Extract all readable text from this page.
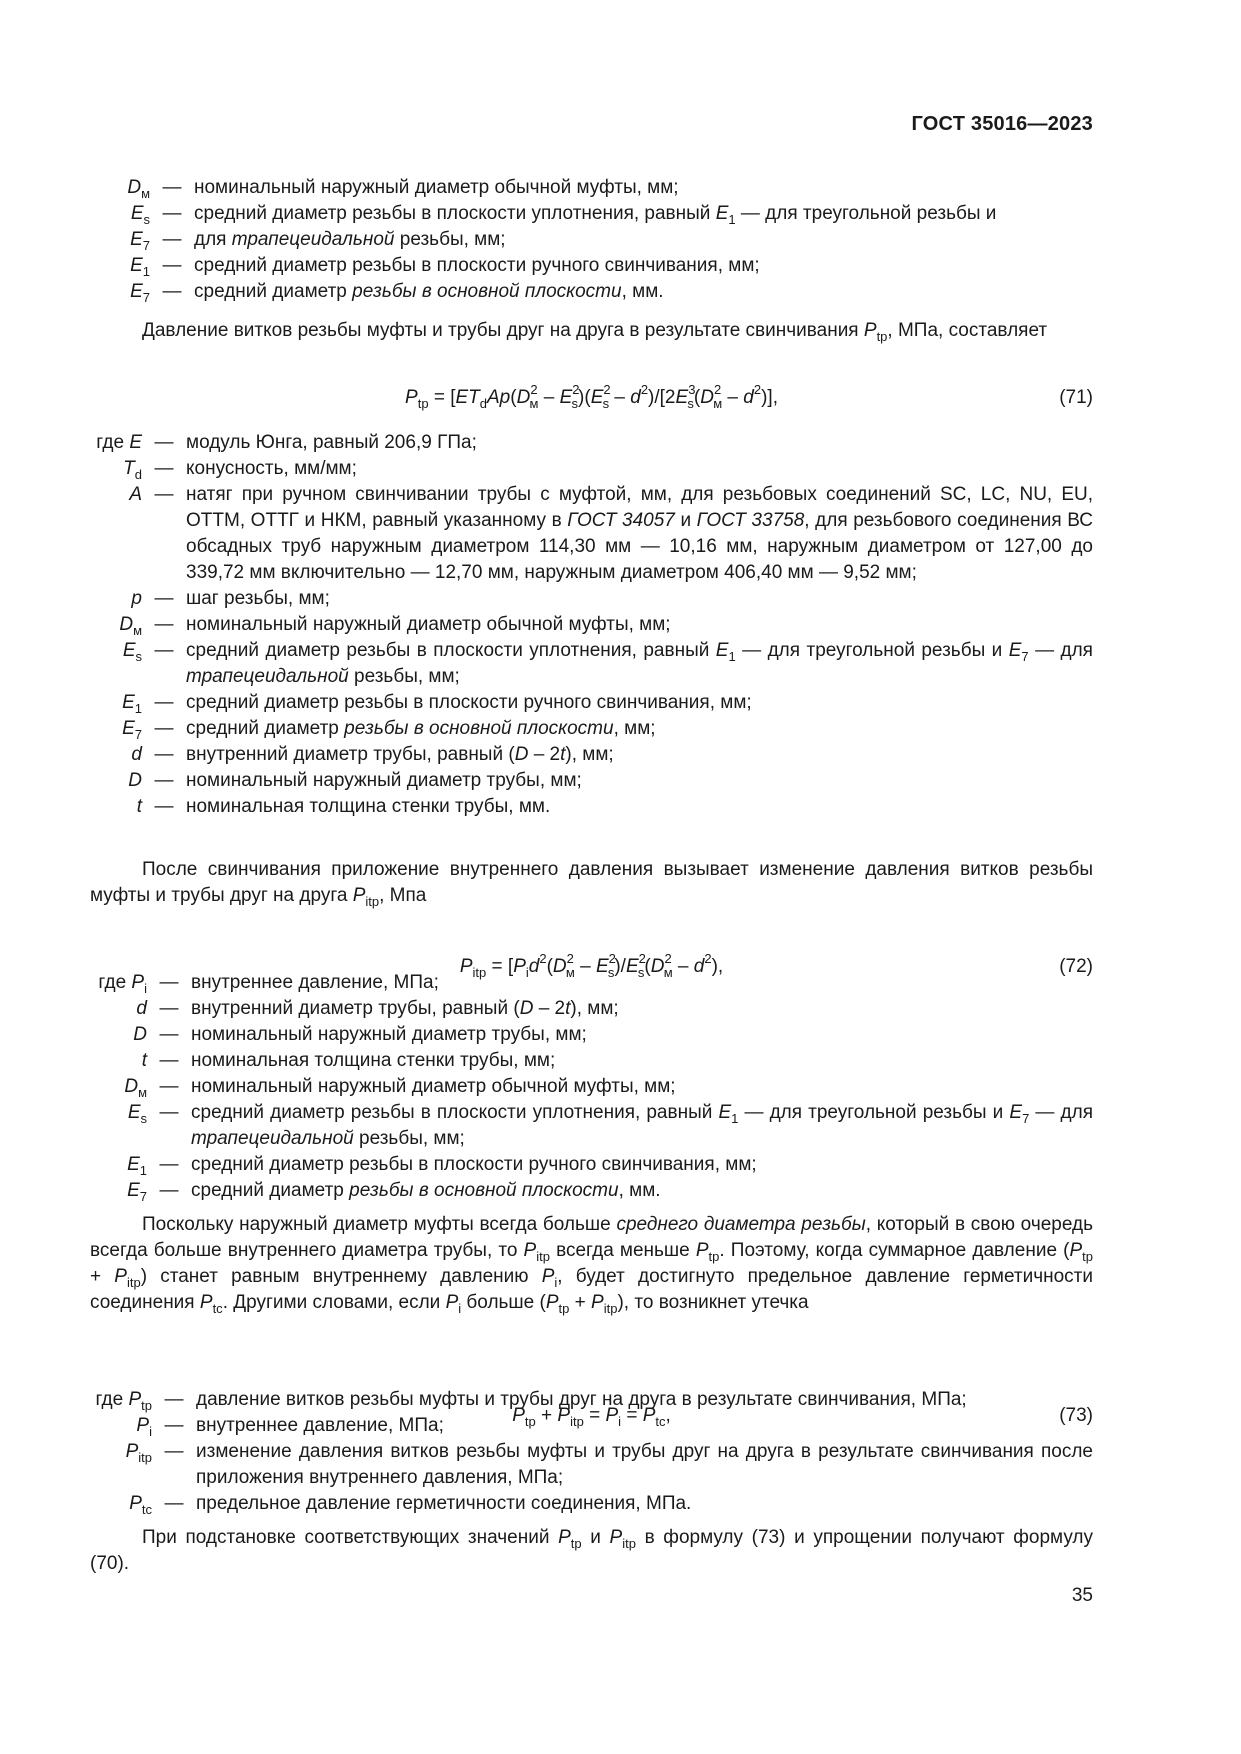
ГОСТ 35016—2023
$D_м$ — номинальный наружный диаметр обычной муфты, мм;
$E_s$ — средний диаметр резьбы в плоскости уплотнения, равный $E_1$ — для треугольной резьбы и
$E_7$ — для трапецеидальной резьбы, мм;
$E_1$ — средний диаметр резьбы в плоскости ручного свинчивания, мм;
$E_7$ — средний диаметр резьбы в основной плоскости, мм.

Давление витков резьбы муфты и трубы друг на друга в результате свинчивания $P_{tp}$, МПа, составляет

$P_{tp} = [ET_dAp(D^2_м - E^2_s)(E^2_s - d^2)/[2E^3_s(D^2_м - d^2)]$,	(71)
где E — модуль Юнга, равный 206,9 ГПа;
$T_d$ — конусность, мм/мм;
A — натяг при ручном свинчивании трубы с муфтой, мм, для резьбовых соединений SC, LC, NU, EU, ОТТМ, ОТТГ и НКМ, равный указанному в ГОСТ 34057 и ГОСТ 33758, для резьбового соединения ВС обсадных труб наружным диаметром 114,30 мм — 10,16 мм, наружным диаметром от 127,00 до 339,72 мм включительно — 12,70 мм, наружным диаметром 406,40 мм — 9,52 мм;
p — шаг резьбы, мм;
$D_м$ — номинальный наружный диаметр обычной муфты, мм;
$E_s$ — средний диаметр резьбы в плоскости уплотнения, равный $E_1$ — для треугольной резьбы и $E_7$ — для трапецеидальной резьбы, мм;
$E_1$ — средний диаметр резьбы в плоскости ручного свинчивания, мм;
$E_7$ — средний диаметр резьбы в основной плоскости, мм;
d — внутренний диаметр трубы, равный (D – 2t), мм;
D — номинальный наружный диаметр трубы, мм;
t — номинальная толщина стенки трубы, мм.

После свинчивания приложение внутреннего давления вызывает изменение давления витков резьбы муфты и трубы друг на друга $P_{itp}$, Мпа

$P_{itp} = [P_id^2(D^2_м - E^2_s)/E^2_s(D^2_м - d^2)$,	(72)
где $P_i$ — внутреннее давление, МПа;
d — внутренний диаметр трубы, равный (D – 2t), мм;
D — номинальный наружный диаметр трубы, мм;
t — номинальная толщина стенки трубы, мм;
$D_м$ — номинальный наружный диаметр обычной муфты, мм;
$E_s$ — средний диаметр резьбы в плоскости уплотнения, равный $E_1$ — для треугольной резьбы и $E_7$ — для трапецеидальной резьбы, мм;
$E_1$ — средний диаметр резьбы в плоскости ручного свинчивания, мм;
$E_7$ — средний диаметр резьбы в основной плоскости, мм.

Поскольку наружный диаметр муфты всегда больше среднего диаметра резьбы, который в свою очередь всегда больше внутреннего диаметра трубы, то $P_{itp}$ всегда меньше $P_{tp}$. Поэтому, когда суммарное давление $(P_{tp} + P_{itp})$ станет равным внутреннему давлению $P_i$, будет достигнуто предельное давление герметичности соединения $P_{tc}$. Другими словами, если $P_i$ больше $(P_{tp} + P_{itp})$, то возникнет утечка

$P_{tp} + P_{itp} = P_i = P_{tc}$,	(73)
где $P_{tp}$ — давление витков резьбы муфты и трубы друг на друга в результате свинчивания, МПа;
$P_i$ — внутреннее давление, МПа;
$P_{itp}$ — изменение давления витков резьбы муфты и трубы друг на друга в результате свинчивания после приложения внутреннего давления, МПа;
$P_{tc}$ — предельное давление герметичности соединения, МПа.

При подстановке соответствующих значений $P_{tp}$ и $P_{itp}$ в формулу (73) и упрощении получают формулу (70).

35
